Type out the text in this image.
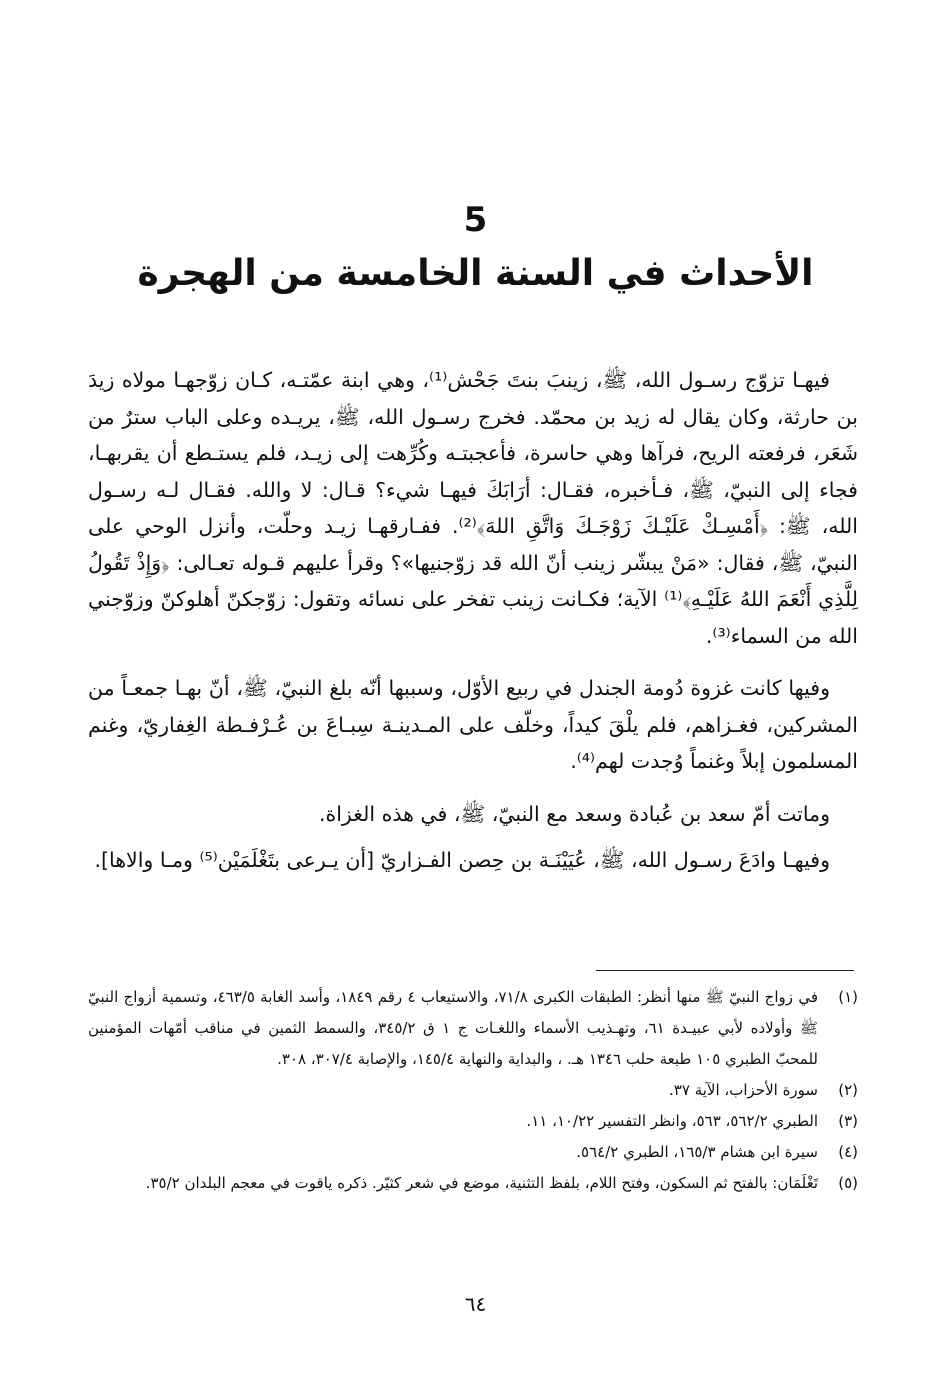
5
الأحداث في السنة الخامسة من الهجرة

فيهـا تزوّج رسـول الله، ﷺ، زينبَ بنتَ جَحْش⁽¹⁾، وهي ابنة عمّتـه، كـان زوّجهـا مولاه زيدَ بن حارثة، وكان يقال له زيد بن محمّد. فخرج رسـول الله، ﷺ، يريـده وعلى الباب سترٌ من شَعَر، فرفعته الريح، فرآها وهي حاسرة، فأعجبتـه وكُرِّهت إلى زيـد، فلم يستـطع أن يقربهـا، فجاء إلى النبيّ، ﷺ، فـأخبره، فقـال: أرَابَكَ فيهـا شيء؟ قـال: لا والله. فقـال لـه رسـول الله، ﷺ: ﴿أَمْسِـكْ عَلَيْـكَ زَوْجَـكَ وَاتَّقِ اللهَ﴾⁽²⁾. ففـارقهـا زيـد وحلّت، وأنزل الوحي على النبيّ، ﷺ، فقال: «مَنْ يبشّر زينب أنّ الله قد زوّجنيها»؟ وقرأ عليهم قـوله تعـالى: ﴿وَإِذْ تَقُولُ لِلَّذِي أَنْعَمَ اللهُ عَلَيْـهِ﴾⁽¹⁾ الآية؛ فكـانت زينب تفخر على نسائه وتقول: زوّجكنّ أهلوكنّ وزوّجني الله من السماء⁽³⁾.

وفيها كانت غزوة دُومة الجندل في ربيع الأوّل، وسببها أنّه بلغ النبيّ، ﷺ، أنّ بهـا جمعـاً من المشركين، فغـزاهم، فلم يلْقَ كيداً، وخلّف على المـدينـة سِبـاعَ بن عُـرْفـطة الغِفاريّ، وغنم المسلمون إبلاً وغنماً وُجدت لهم⁽⁴⁾.

وماتت أمّ سعد بن عُبادة وسعد مع النبيّ، ﷺ، في هذه الغزاة.

وفيهـا وادَعَ رسـول الله، ﷺ، عُيَيْنَـة بن حِصن الفـزاريّ [أن يـرعى بتَغْلَمَيْن⁽⁵⁾ ومـا والاها].

(١)
في زواج النبيّ ﷺ منها أنظر: الطبقات الكبرى ٧١/٨، والاستيعاب ٤ رقم ١٨٤٩، وأسد الغابة ٤٦٣/٥، وتسمية أزواج النبيّ ﷺ وأولاده لأبي عبيـدة ٦١، وتهـذيب الأسماء واللغـات ج ١ ق ٣٤٥/٢، والسمط الثمين في مناقب أمّهات المؤمنين للمحبّ الطبري ١٠٥ طبعة حلب ١٣٤٦ هـ. ، والبداية والنهاية ١٤٥/٤، والإصابة ٣٠٧/٤، ٣٠٨.
(٢)
سورة الأحزاب، الآية ٣٧.
(٣)
الطبري ٥٦٢/٢، ٥٦٣، وانظر التفسير ١٠/٢٢، ١١.
(٤)
سيرة ابن هشام ١٦٥/٣، الطبري ٥٦٤/٢.
(٥)
تَغْلَمَان: بالفتح ثم السكون، وفتح اللام، بلفظ التثنية، موضع في شعر كثيّر. ذكره ياقوت في معجم البلدان ٣٥/٢.
٦٤
